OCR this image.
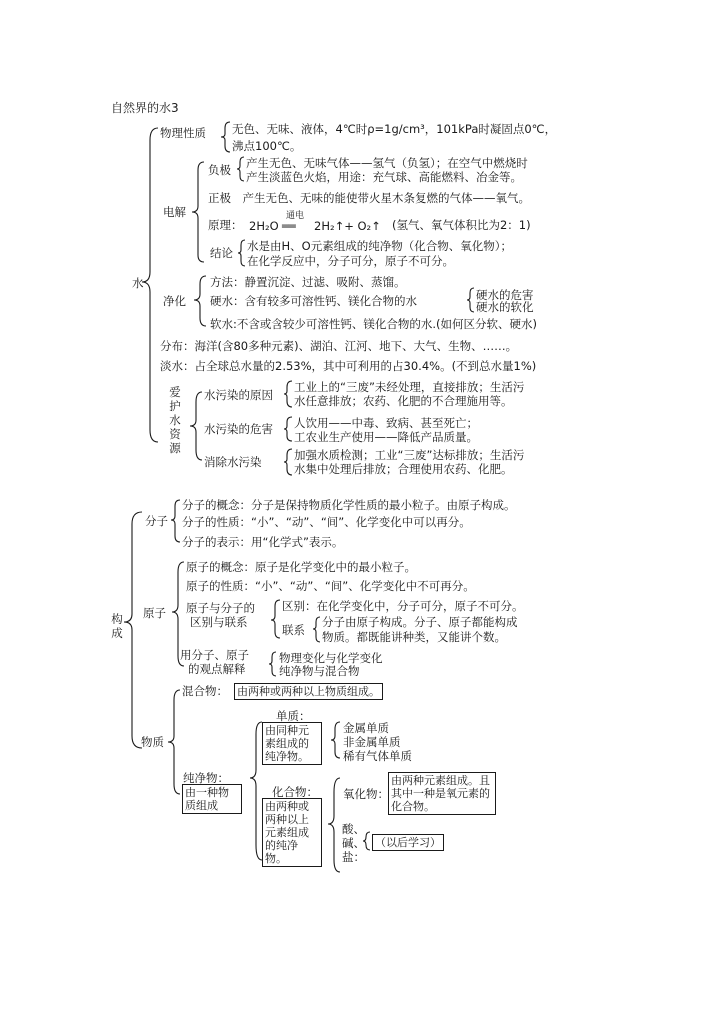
自然界的水3
水
物理性质 无色、无味、液体，4℃时ρ=1g/cm³，101kPa时凝固点0℃，
沸点100℃。
电解
负极 产生无色、无味气体——氢气（负氢）；在空气中燃烧时
产生淡蓝色火焰，用途：充气球、高能燃料、冶金等。
正极　产生无色、无味的能使带火星木条复燃的气体——氧气。
原理： 2H₂O
通电
══ 2H₂↑+ O₂↑ (氢气、氧气体积比为2：1)
结论 水是由H、O元素组成的纯净物（化合物、氧化物）；
在化学反应中，分子可分，原子不可分。
净化
方法：静置沉淀、过滤、吸附、蒸馏。
硬水：含有较多可溶性钙、镁化合物的水	硬水的危害
硬水的软化
软水:不含或含较少可溶性钙、镁化合物的水.(如何区分软、硬水)
分布：海洋(含80多种元素)、湖泊、江河、地下、大气、生物、……。
淡水：占全球总水量的2.53%，其中可利用的占30.4%。(不到总水量1%)
爱护水资源
水污染的原因
工业上的“三废”未经处理，直接排放；生活污
水任意排放；农药、化肥的不合理施用等。
水污染的危害 人饮用——中毒、致病、甚至死亡；
工农业生产使用——降低产品质量。
消除水污染	加强水质检测；工业“三废”达标排放；生活污
水集中处理后排放；合理使用农药、化肥。
构成
分子
分子的概念：分子是保持物质化学性质的最小粒子。由原子构成。
分子的性质：“小”、“动”、“间”、化学变化中可以再分。
分子的表示：用“化学式”表示。
原子
原子的概念：原子是化学变化中的最小粒子。
原子的性质：“小”、“动”、“间”、化学变化中不可再分。
原子与分子的
区别与联系
区别：在化学变化中，分子可分，原子不可分。
联系
分子由原子构成。分子、原子都能构成
物质。都既能讲种类，又能讲个数。
用分子、原子
的观点解释
物理变化与化学变化
纯净物与混合物
物质
混合物： 由两种或两种以上物质组成。
纯净物：
由一种物质组成
单质：
由同种元素组成的纯净物。
金属单质
非金属单质
稀有气体单质
化合物：
由两种或两种以上元素组成的纯净物。
氧化物：
由两种元素组成。且其中一种是氧元素的化合物。
酸、碱、盐：
（以后学习）
